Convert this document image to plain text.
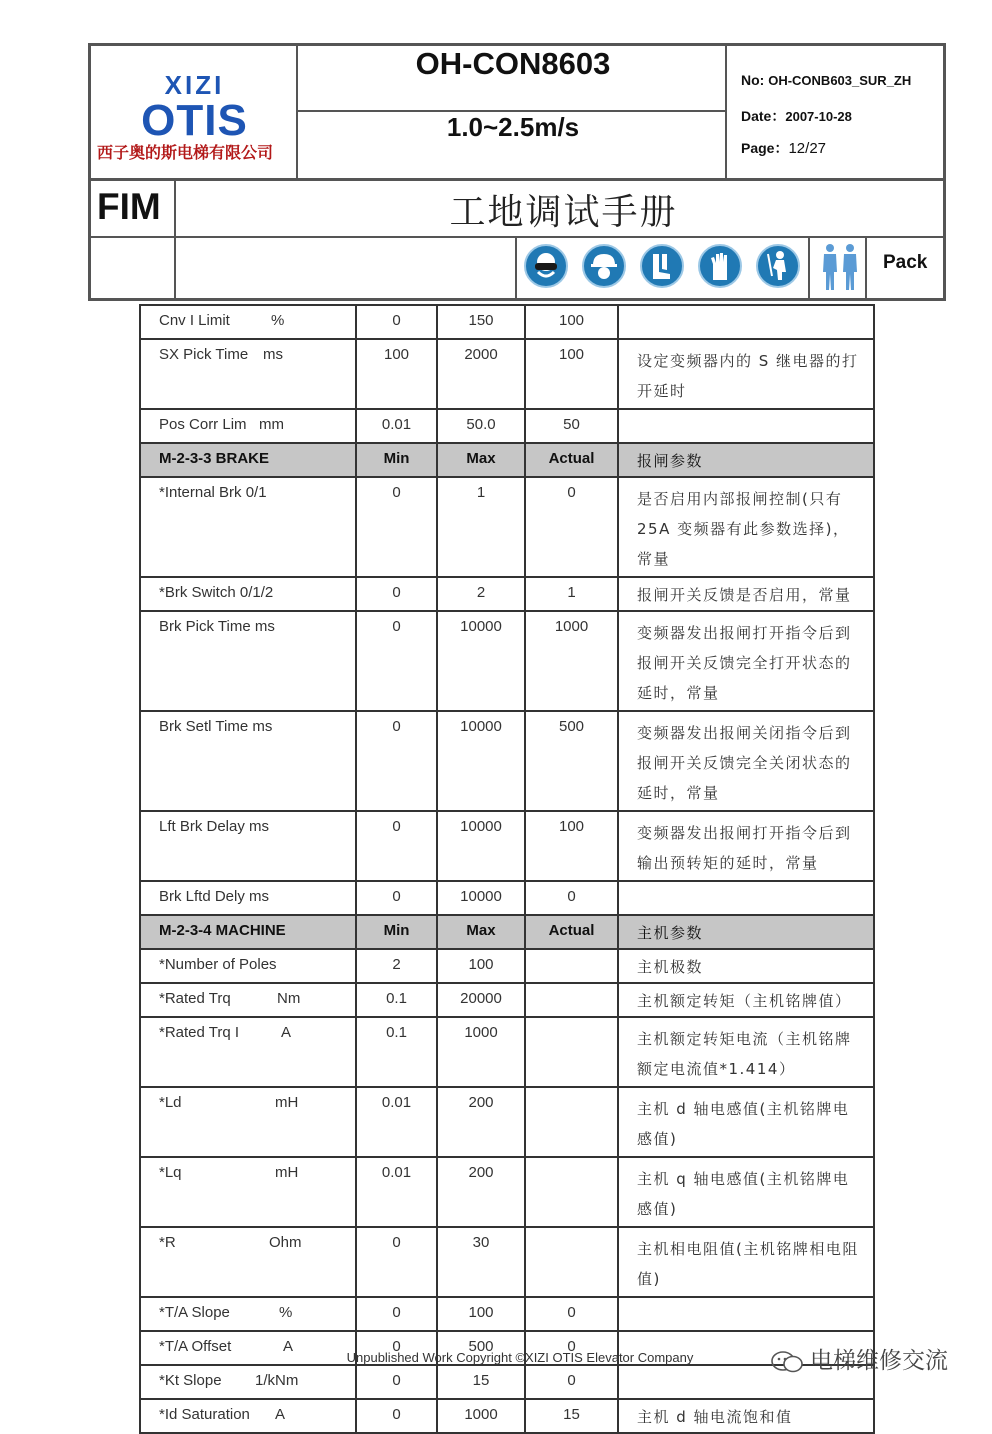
XIZI
OTIS
西子奥的斯电梯有限公司
OH-CON8603
1.0~2.5m/s
No: OH-CONB603_SUR_ZH
Date：2007-10-28
Page：12/27
FIM	工地调试手册
Pack
Cnv I Limit %	0	150	100	
SX Pick Time ms	100	2000	100	设定变频器内的 S 继电器的打开延时
Pos Corr Lim mm	0.01	50.0	50	
M-2-3-3 BRAKE	Min	Max	Actual	报闸参数
*Internal Brk 0/1	0	1	0	是否启用内部报闸控制(只有25A 变频器有此参数选择)，常量
*Brk Switch 0/1/2	0	2	1	报闸开关反馈是否启用，常量
Brk Pick Time ms	0	10000	1000	变频器发出报闸打开指令后到报闸开关反馈完全打开状态的延时，常量
Brk Setl Time ms	0	10000	500	变频器发出报闸关闭指令后到报闸开关反馈完全关闭状态的延时，常量
Lft Brk Delay ms	0	10000	100	变频器发出报闸打开指令后到输出预转矩的延时，常量
Brk Lftd Dely ms	0	10000	0	
M-2-3-4 MACHINE	Min	Max	Actual	主机参数
*Number of Poles	2	100		主机极数
*Rated Trq Nm	0.1	20000		主机额定转矩（主机铭牌值）
*Rated Trq I A	0.1	1000		主机额定转矩电流（主机铭牌额定电流值*1.414）
*Ld mH	0.01	200		主机 d 轴电感值(主机铭牌电感值)
*Lq mH	0.01	200		主机 q 轴电感值(主机铭牌电感值)
*R Ohm	0	30		主机相电阻值(主机铭牌相电阻值)
*T/A Slope %	0	100	0	
*T/A Offset A	0	500	0	
*Kt Slope 1/kNm	0	15	0	
*Id Saturation A	0	1000	15	主机 d 轴电流饱和值
Unpublished Work Copyright ©XIZI OTIS Elevator Company	电梯维修交流
